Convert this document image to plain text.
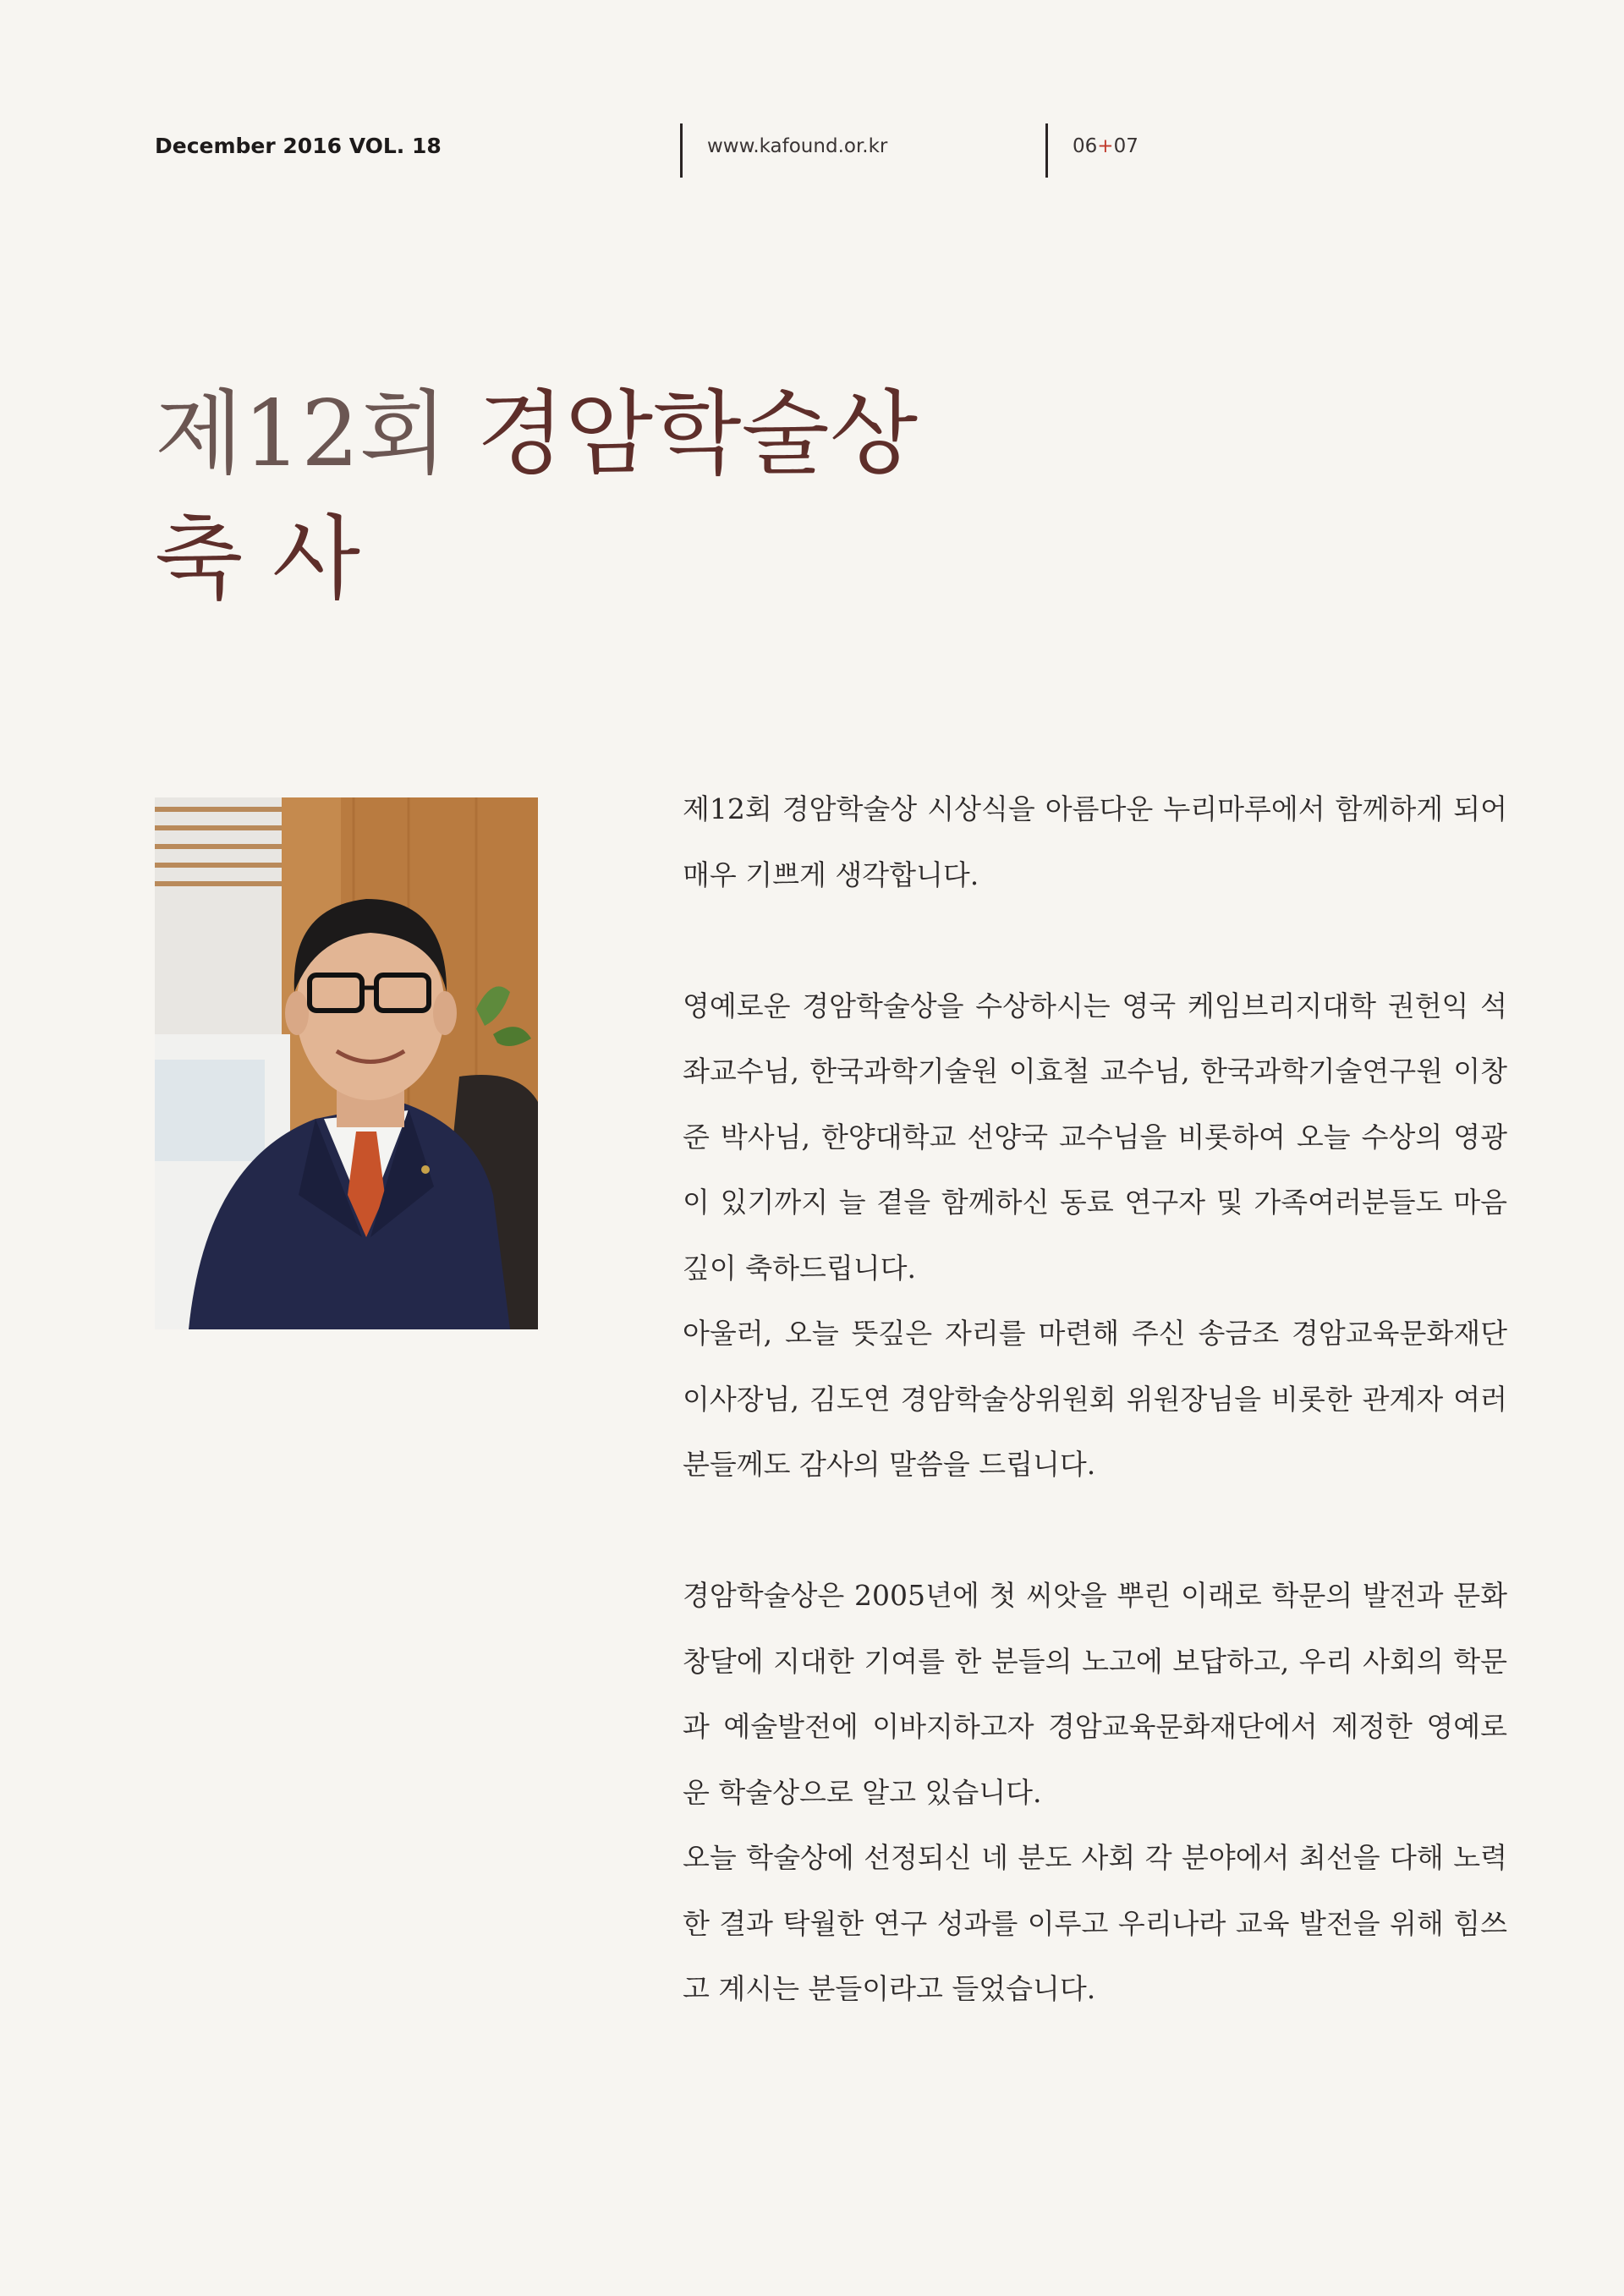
December 2016 VOL. 18	www.kafound.or.kr	06+07
제12회 경암학술상
축 사

제12회 경암학술상 시상식을 아름다운 누리마루에서 함께하게 되어 매우 기쁘게 생각합니다.

영예로운 경암학술상을 수상하시는 영국 케임브리지대학 권헌익 석좌교수님, 한국과학기술원 이효철 교수님, 한국과학기술연구원 이창준 박사님, 한양대학교 선양국 교수님을 비롯하여 오늘 수상의 영광이 있기까지 늘 곁을 함께하신 동료 연구자 및 가족여러분들도 마음깊이 축하드립니다.

아울러, 오늘 뜻깊은 자리를 마련해 주신 송금조 경암교육문화재단 이사장님, 김도연 경암학술상위원회 위원장님을 비롯한 관계자 여러분들께도 감사의 말씀을 드립니다.

경암학술상은 2005년에 첫 씨앗을 뿌린 이래로 학문의 발전과 문화 창달에 지대한 기여를 한 분들의 노고에 보답하고, 우리 사회의 학문과 예술발전에 이바지하고자 경암교육문화재단에서 제정한 영예로운 학술상으로 알고 있습니다.

오늘 학술상에 선정되신 네 분도 사회 각 분야에서 최선을 다해 노력한 결과 탁월한 연구 성과를 이루고 우리나라 교육 발전을 위해 힘쓰고 계시는 분들이라고 들었습니다.
